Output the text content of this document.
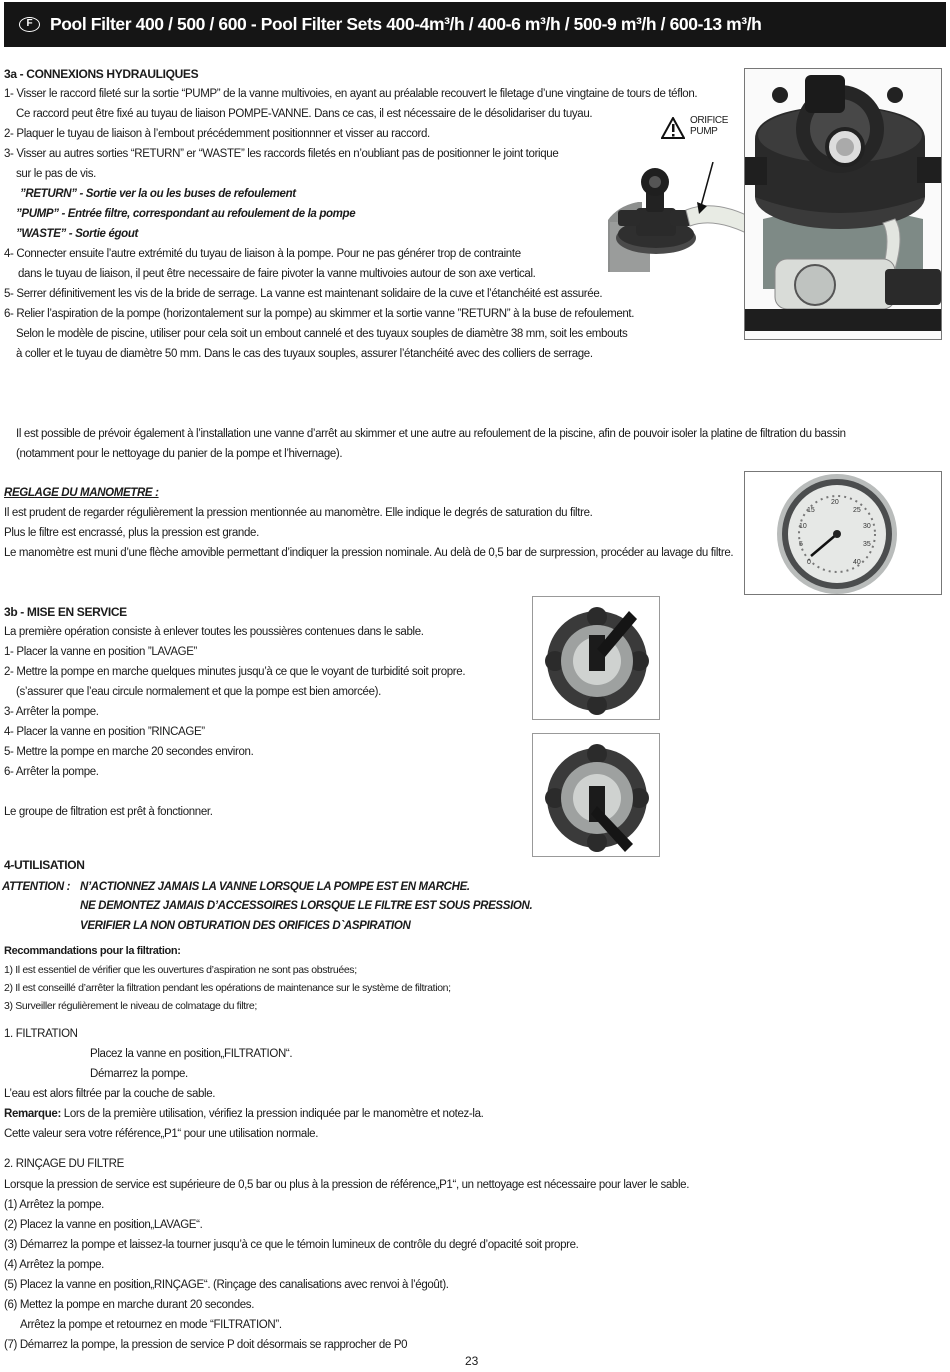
F Pool Filter 400 / 500 / 600 - Pool Filter Sets 400-4m³/h / 400-6 m³/h / 500-9 m³/h / 600-13 m³/h
3a - CONNEXIONS HYDRAULIQUES
1- Visser le raccord fileté sur la sortie “PUMP” de la vanne multivoies, en ayant au préalable recouvert le filetage d’une vingtaine de tours de téflon.
Ce raccord peut être fixé au tuyau de liaison POMPE-VANNE. Dans ce cas, il est nécessaire de le désolidariser du tuyau.
2- Plaquer le tuyau de liaison à l’embout précédemment positionnner et visser au raccord.
3- Visser au autres sorties “RETURN” er “WASTE” les raccords filetés en n’oubliant pas de positionner le joint torique
sur le pas de vis.
”RETURN” - Sortie ver la ou les buses de refoulement
”PUMP” - Entrée filtre, correspondant au refoulement de la pompe
”WASTE” - Sortie égout
4- Connecter ensuite l’autre extrémité du tuyau de liaison à la pompe. Pour ne pas générer trop de contrainte
dans le tuyau de liaison, il peut être necessaire de faire pivoter la vanne multivoies autour de son axe vertical.
5- Serrer définitivement les vis de la bride de serrage. La vanne est maintenant solidaire de la cuve et l’étanchéité est assurée.
6- Relier l’aspiration de la pompe (horizontalement sur la pompe) au skimmer et la sortie vanne ”RETURN” à la buse de refoulement.
Selon le modèle de piscine, utiliser pour cela soit un embout cannelé et des tuyaux souples de diamètre 38 mm, soit les embouts
à coller et le tuyau de diamètre 50 mm. Dans le cas des tuyaux souples, assurer l’étanchéité avec des colliers de serrage.
ORIFICE
PUMP
Il est possible de prévoir également à l’installation une vanne d’arrêt au skimmer et une autre au refoulement de la piscine, afin de pouvoir isoler la platine de filtration du bassin
(notamment pour le nettoyage du panier de la pompe et l’hivernage).
REGLAGE DU MANOMETRE :
Il est prudent de regarder régulièrement la pression mentionnée au manomètre. Elle indique le degrés de saturation du filtre.
Plus le filtre est encrassé, plus la pression est grande.
Le manomètre est muni d’une flèche amovible permettant d’indiquer la pression nominale. Au delà de 0,5 bar de surpression, procéder au lavage du filtre.
0
5
10
15
20
25
30
35
40
3b - MISE EN SERVICE
La première opération consiste à enlever toutes les poussières contenues dans le sable.
1- Placer la vanne en position ”LAVAGE”
2- Mettre la pompe en marche quelques minutes jusqu’à ce que le voyant de turbidité soit propre.
(s’assurer que l’eau circule normalement et que la pompe est bien amorcée).
3- Arrêter la pompe.
4- Placer la vanne en position ”RINCAGE”
5- Mettre la pompe en marche 20 secondes environ.
6- Arrêter la pompe.
Le groupe de filtration est prêt à fonctionner.
4-UTILISATION
ATTENTION : N’ACTIONNEZ JAMAIS LA VANNE LORSQUE LA POMPE EST EN MARCHE.
NE DEMONTEZ JAMAIS D’ACCESSOIRES LORSQUE LE FILTRE EST SOUS PRESSION.
VERIFIER LA NON OBTURATION DES ORIFICES D`ASPIRATION
Recommandations pour la filtration:
1) Il est essentiel de vérifier que les ouvertures d’aspiration ne sont pas obstruées;
2) Il est conseillé d’arrêter la filtration pendant les opérations de maintenance sur le système de filtration;
3) Surveiller régulièrement le niveau de colmatage du filtre;
1. FILTRATION
Placez la vanne en position„FILTRATION“.
Démarrez la pompe.
L’eau est alors filtrée par la couche de sable.
Remarque: Lors de la première utilisation, vérifiez la pression indiquée par le manomètre et notez-la.
Cette valeur sera votre référence„P1“ pour une utilisation normale.
2. RINÇAGE DU FILTRE
Lorsque la pression de service est supérieure de 0,5 bar ou plus à la pression de référence„P1“, un nettoyage est nécessaire pour laver le sable.
(1) Arrêtez la pompe.
(2) Placez la vanne en position„LAVAGE“.
(3) Démarrez la pompe et laissez-la tourner jusqu’à ce que le témoin lumineux de contrôle du degré d’opacité soit propre.
(4) Arrêtez la pompe.
(5) Placez la vanne en position„RINÇAGE“. (Rinçage des canalisations avec renvoi à l’égoût).
(6) Mettez la pompe en marche durant 20 secondes.
Arrêtez la pompe et retournez en mode “FILTRATION”.
(7) Démarrez la pompe, la pression de service P doit désormais se rapprocher de P0
23
